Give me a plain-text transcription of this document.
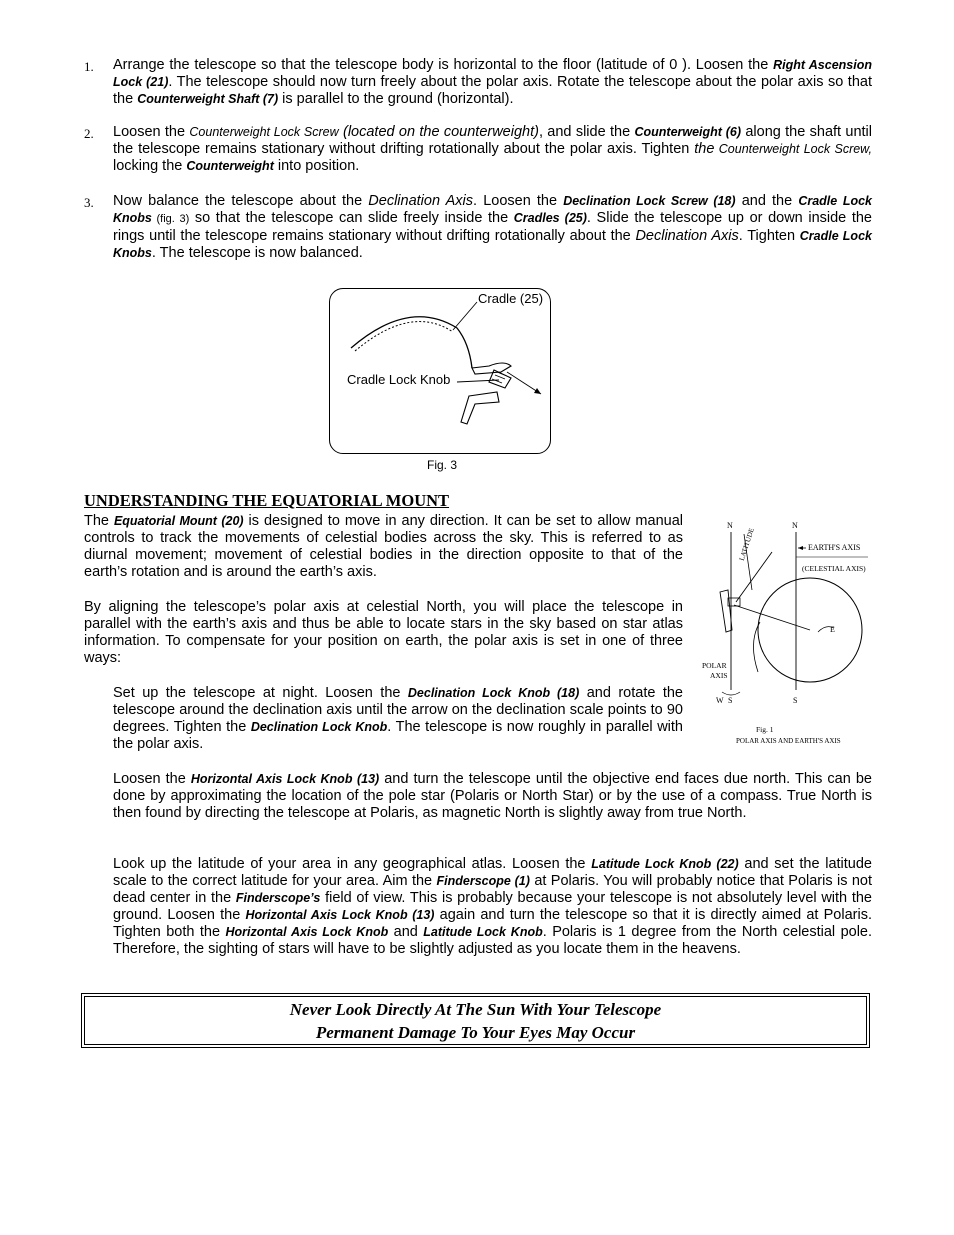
1. Arrange the telescope so that the telescope body is horizontal to the floor (latitude of 0 ). Loosen the Right Ascension Lock (21). The telescope should now turn freely about the polar axis. Rotate the telescope about the polar axis so that the Counterweight Shaft (7) is parallel to the ground (horizontal).
2. Loosen the Counterweight Lock Screw (located on the counterweight), and slide the Counterweight (6) along the shaft until the telescope remains stationary without drifting rotationally about the polar axis. Tighten the Counterweight Lock Screw, locking the Counterweight into position.
3. Now balance the telescope about the Declination Axis. Loosen the Declination Lock Screw (18) and the Cradle Lock Knobs (fig. 3) so that the telescope can slide freely inside the Cradles (25). Slide the telescope up or down inside the rings until the telescope remains stationary without drifting rotationally about the Declination Axis. Tighten Cradle Lock Knobs. The telescope is now balanced.
Cradle (25)
Cradle Lock Knob
Fig. 3
UNDERSTANDING THE EQUATORIAL MOUNT
The Equatorial Mount (20) is designed to move in any direction. It can be set to allow manual controls to track the movements of celestial bodies across the sky. This is referred to as diurnal movement; movement of celestial bodies in the direction opposite to that of the earth’s rotation and is around the earth’s axis.
By aligning the telescope’s polar axis at celestial North, you will place the telescope in parallel with the earth’s axis and thus be able to locate stars in the sky based on star atlas information. To compensate for your position on earth, the polar axis is set in one of three ways:
Set up the telescope at night. Loosen the Declination Lock Knob (18) and rotate the telescope around the declination axis until the arrow on the declination scale points to 90 degrees. Tighten the Declination Lock Knob. The telescope is now roughly in parallel with the polar axis.
Loosen the Horizontal Axis Lock Knob (13) and turn the telescope until the objective end faces due north. This can be done by approximating the location of the pole star (Polaris or North Star) or by the use of a compass. True North is then found by directing the telescope at Polaris, as magnetic North is slightly away from true North.
Look up the latitude of your area in any geographical atlas. Loosen the Latitude Lock Knob (22) and set the latitude scale to the correct latitude for your area. Aim the Finderscope (1) at Polaris. You will probably notice that Polaris is not dead center in the Finderscope’s field of view. This is probably because your telescope is not absolutely level with the ground. Loosen the Horizontal Axis Lock Knob (13) again and turn the telescope so that it is directly aimed at Polaris. Tighten both the Horizontal Axis Lock Knob and Latitude Lock Knob. Polaris is 1 degree from the North celestial pole. Therefore, the sighting of stars will have to be slightly adjusted as you locate them in the heavens.
N	N
LATITUDE	EARTH'S AXIS
(CELESTIAL AXIS)
E
POLAR
AXIS
W S	S
Fig. 1
POLAR AXIS AND EARTH'S AXIS
Never Look Directly At The Sun With Your Telescope
Permanent Damage To Your Eyes May Occur
